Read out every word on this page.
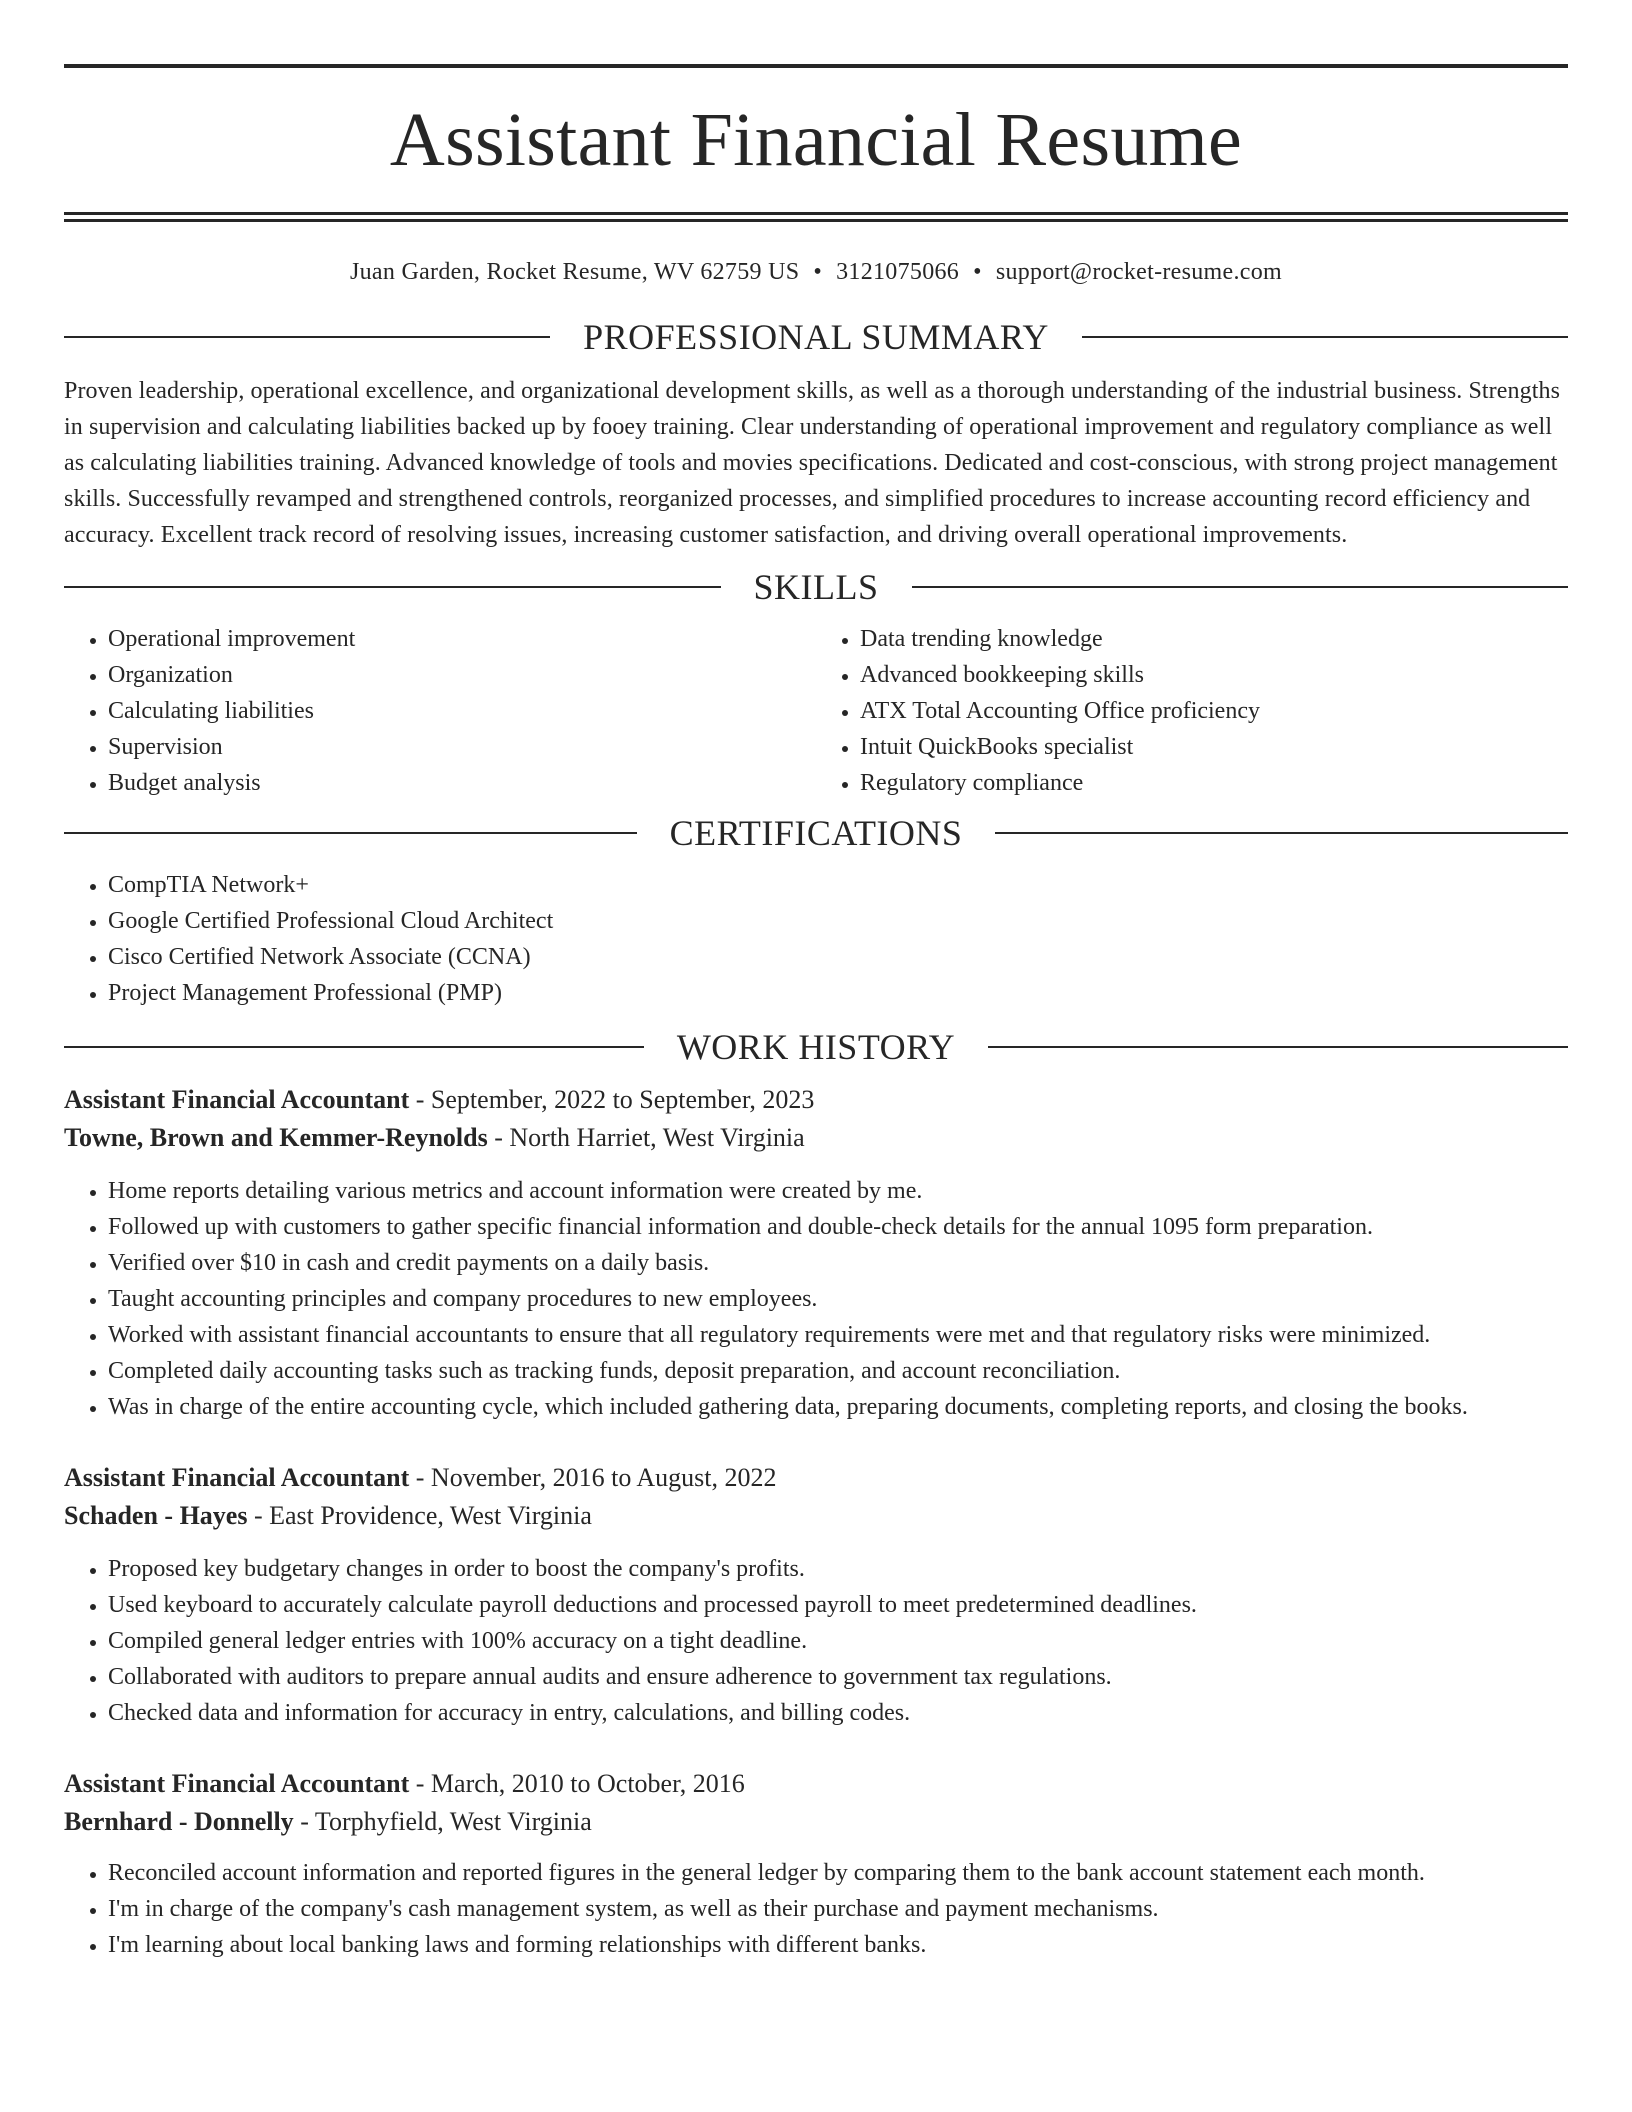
Assistant Financial Resume
Juan Garden, Rocket Resume, WV 62759 US • 3121075066 • support@rocket-resume.com
PROFESSIONAL SUMMARY

Proven leadership, operational excellence, and organizational development skills, as well as a thorough understanding of the industrial business. Strengths in supervision and calculating liabilities backed up by fooey training. Clear understanding of operational improvement and regulatory compliance as well as calculating liabilities training. Advanced knowledge of tools and movies specifications. Dedicated and cost-conscious, with strong project management skills. Successfully revamped and strengthened controls, reorganized processes, and simplified procedures to increase accounting record efficiency and accuracy. Excellent track record of resolving issues, increasing customer satisfaction, and driving overall operational improvements.

SKILLS
• Operational improvement
• Organization
• Calculating liabilities
• Supervision
• Budget analysis
• Data trending knowledge
• Advanced bookkeeping skills
• ATX Total Accounting Office proficiency
• Intuit QuickBooks specialist
• Regulatory compliance
CERTIFICATIONS
• CompTIA Network+
• Google Certified Professional Cloud Architect
• Cisco Certified Network Associate (CCNA)
• Project Management Professional (PMP)
WORK HISTORY

Assistant Financial Accountant - September, 2022 to September, 2023

Towne, Brown and Kemmer-Reynolds - North Harriet, West Virginia

• Home reports detailing various metrics and account information were created by me.
• Followed up with customers to gather specific financial information and double-check details for the annual 1095 form preparation.
• Verified over $10 in cash and credit payments on a daily basis.
• Taught accounting principles and company procedures to new employees.
• Worked with assistant financial accountants to ensure that all regulatory requirements were met and that regulatory risks were minimized.
• Completed daily accounting tasks such as tracking funds, deposit preparation, and account reconciliation.
• Was in charge of the entire accounting cycle, which included gathering data, preparing documents, completing reports, and closing the books.

Assistant Financial Accountant - November, 2016 to August, 2022

Schaden - Hayes - East Providence, West Virginia

• Proposed key budgetary changes in order to boost the company's profits.
• Used keyboard to accurately calculate payroll deductions and processed payroll to meet predetermined deadlines.
• Compiled general ledger entries with 100% accuracy on a tight deadline.
• Collaborated with auditors to prepare annual audits and ensure adherence to government tax regulations.
• Checked data and information for accuracy in entry, calculations, and billing codes.

Assistant Financial Accountant - March, 2010 to October, 2016

Bernhard - Donnelly - Torphyfield, West Virginia

• Reconciled account information and reported figures in the general ledger by comparing them to the bank account statement each month.
• I'm in charge of the company's cash management system, as well as their purchase and payment mechanisms.
• I'm learning about local banking laws and forming relationships with different banks.
